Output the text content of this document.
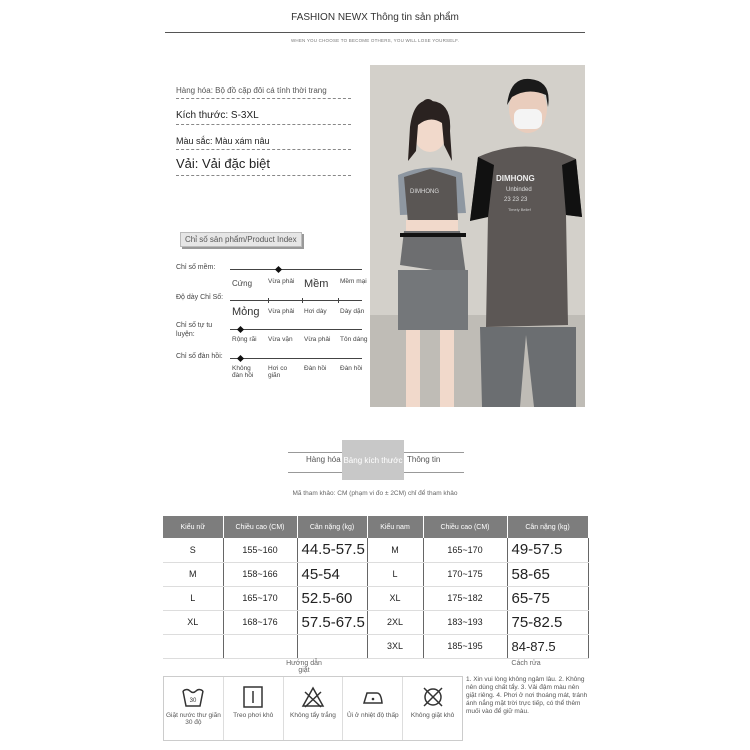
FASHION NEWX Thông tin sản phẩm
WHEN YOU CHOOSE TO BECOME OTHERS, YOU WILL LOSE YOURSELF.
Hàng hóa: Bộ đồ cặp đôi cá tính thời trang
Kích thước: S-3XL
Màu sắc: Màu xám nâu
Vải: Vải đặc biệt
DIMHONG
DIMHONG
Unbinded
23 23 23
Timely Belief
Chỉ số sản phẩm/Product Index
Chỉ số mềm:
Cứng	Vừa phải Mềm	Mềm mại
Độ dày Chỉ Số:
Mỏng	Vừa phải	Hơi dày	Dày dặn
Chỉ số tự tu luyện:
Rộng rãi	Vừa vặn	Vừa phải	Tôn dáng
Chỉ số đàn hồi:
Không đàn hồi
Hơi co giãn
Đàn hồi	Đàn hồi
Hàng hóa Bảng kích thước Thông tin
Mã tham khảo: CM (phạm vi đo ± 2CM) chỉ để tham khảo
Kiểu nữ	Chiều cao (CM)	Cân nặng (kg)	Kiểu nam	Chiều cao (CM)	Cân nặng (kg)
S	155~160	44.5-57.5	M	165~170	49-57.5
M	158~166	45-54	L	170~175	58-65
L	165~170	52.5-60	XL	175~182	65-75
XL	168~176	57.5-67.5	2XL	183~193	75-82.5
			3XL	185~195	84-87.5
Hướng dẫn giặt
Cách rửa
30
Giặt nước thư giãn 30 độ
Treo phơi khô	Không tẩy trắng Ủi ở nhiệt độ thấp Không giặt khô
1. Xin vui lòng không ngâm lâu. 2. Không nên dùng chất tẩy. 3. Vải đậm màu nên giặt riêng. 4. Phơi ở nơi thoáng mát, tránh ánh nắng mặt trời trực tiếp, có thể thêm muối vào để giữ màu.
